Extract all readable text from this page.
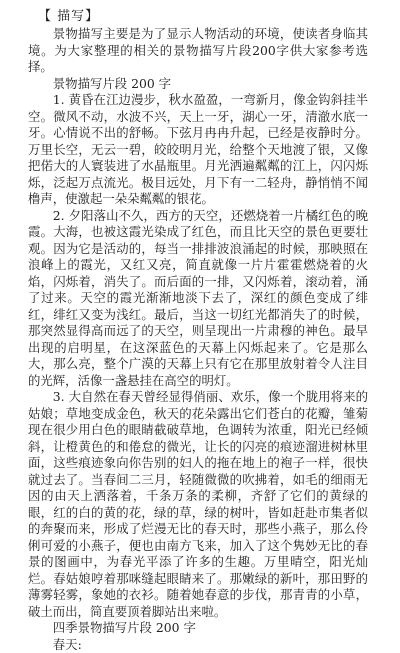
【 描写】

景物描写主要是为了显示人物活动的环境，使读者身临其境。为大家整理的相关的景物描写片段200字供大家参考选择。

景物描写片段 200 字

1. 黄昏在江边漫步，秋水盈盈，一弯新月，像金钩斜挂半空。微风不动，水波不兴，天上一牙，湖心一牙，清澈水底一牙。心情说不出的舒畅。下弦月冉冉升起，已经是夜静时分。万里长空，无云一碧，皎皎明月光，给整个天地渡了银，又像把偌大的人寰装进了水晶瓶里。月光洒遍粼粼的江上，闪闪烁烁，泛起万点流光。极目远处，月下有一二轻舟，静悄悄不闻橹声，使激起一朵朵粼粼的银花。

2. 夕阳落山不久，西方的天空，还燃烧着一片橘红色的晚霞。大海，也被这霞光染成了红色，而且比天空的景色更要壮观。因为它是活动的，每当一排排波浪涌起的时候，那映照在浪峰上的霞光，又红又亮，简直就像一片片霍霍燃烧着的火焰，闪烁着，消失了。而后面的一排，又闪烁着，滚动着，涌了过来。天空的霞光渐渐地淡下去了，深红的颜色变成了绯红，绯红又变为浅红。最后，当这一切红光都消失了的时候，那突然显得高而远了的天空，则呈现出一片肃穆的神色。最早出现的启明星，在这深蓝色的天幕上闪烁起来了。它是那么大，那么亮，整个广漠的天幕上只有它在那里放射着令人注目的光辉，活像一盏悬挂在高空的明灯。

3. 大自然在春天曾经显得俏丽、欢乐，像一个胧用将来的姑娘；草地变成金色，秋天的花朵露出它们苍白的花瓣，雏菊现在很少用白色的眼睛截破草地，色调转为浓重，阳光已经倾斜，让橙黄色的和倦怠的微光，让长的闪亮的痕迹溜进树林里面，这些痕迹象向你告别的妇人的拖在地上的袍子一样，很快就过去了。当春间二三月，轻随微微的吹拂着，如毛的细雨无因的由天上洒落着，千条万条的柔柳，齐舒了它们的黄绿的眼，红的白的黄的花，绿的草，绿的树叶，皆如赶赴市集者似的奔聚而来，形成了烂漫无比的春天时，那些小燕子，那么伶俐可爱的小燕子，便也由南方飞来，加入了这个隽妙无比的春景的图画中，为春光平添了许多的生趣。万里晴空，阳光灿烂。春姑娘哼着那咪缝起眼睛来了。那嫩绿的新叶，那田野的薄雾轻雾，象她的衣衫。随着她春意的步伐，那青青的小草，破土而出，简直要顶着脚站出来啦。

四季景物描写片段 200 字
春天:
